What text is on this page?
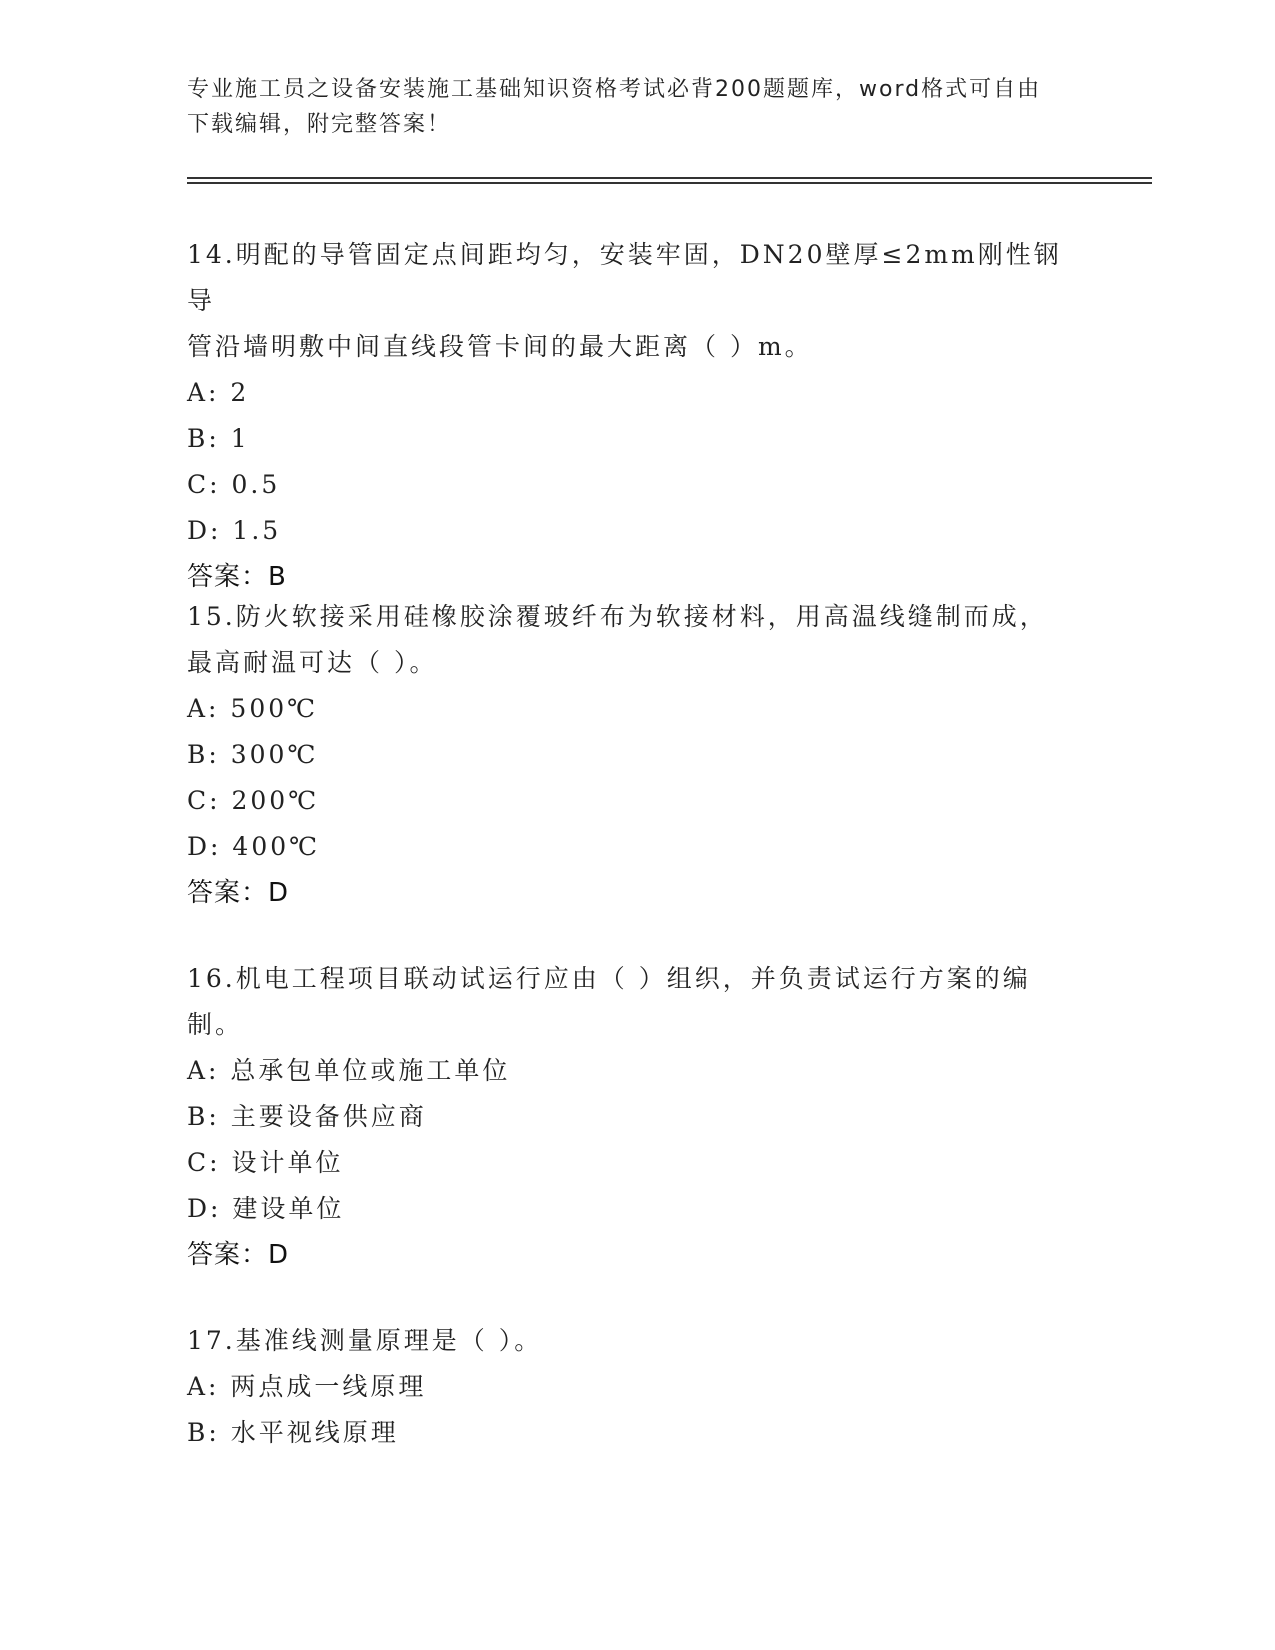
专业施工员之设备安装施工基础知识资格考试必背200题题库，word格式可自由
下载编辑，附完整答案！

14.明配的导管固定点间距均匀，安装牢固，DN20壁厚≤2mm刚性钢导

管沿墙明敷中间直线段管卡间的最大距离（ ）m。

A: 2

B: 1

C: 0.5

D: 1.5

答案：B

15.防火软接采用硅橡胶涂覆玻纤布为软接材料，用高温线缝制而成，

最高耐温可达（ ）。

A: 500℃

B: 300℃

C: 200℃

D: 400℃

答案：D

16.机电工程项目联动试运行应由（ ）组织，并负责试运行方案的编

制。

A: 总承包单位或施工单位

B: 主要设备供应商

C: 设计单位

D: 建设单位

答案：D

17.基准线测量原理是（ ）。

A: 两点成一线原理

B: 水平视线原理
